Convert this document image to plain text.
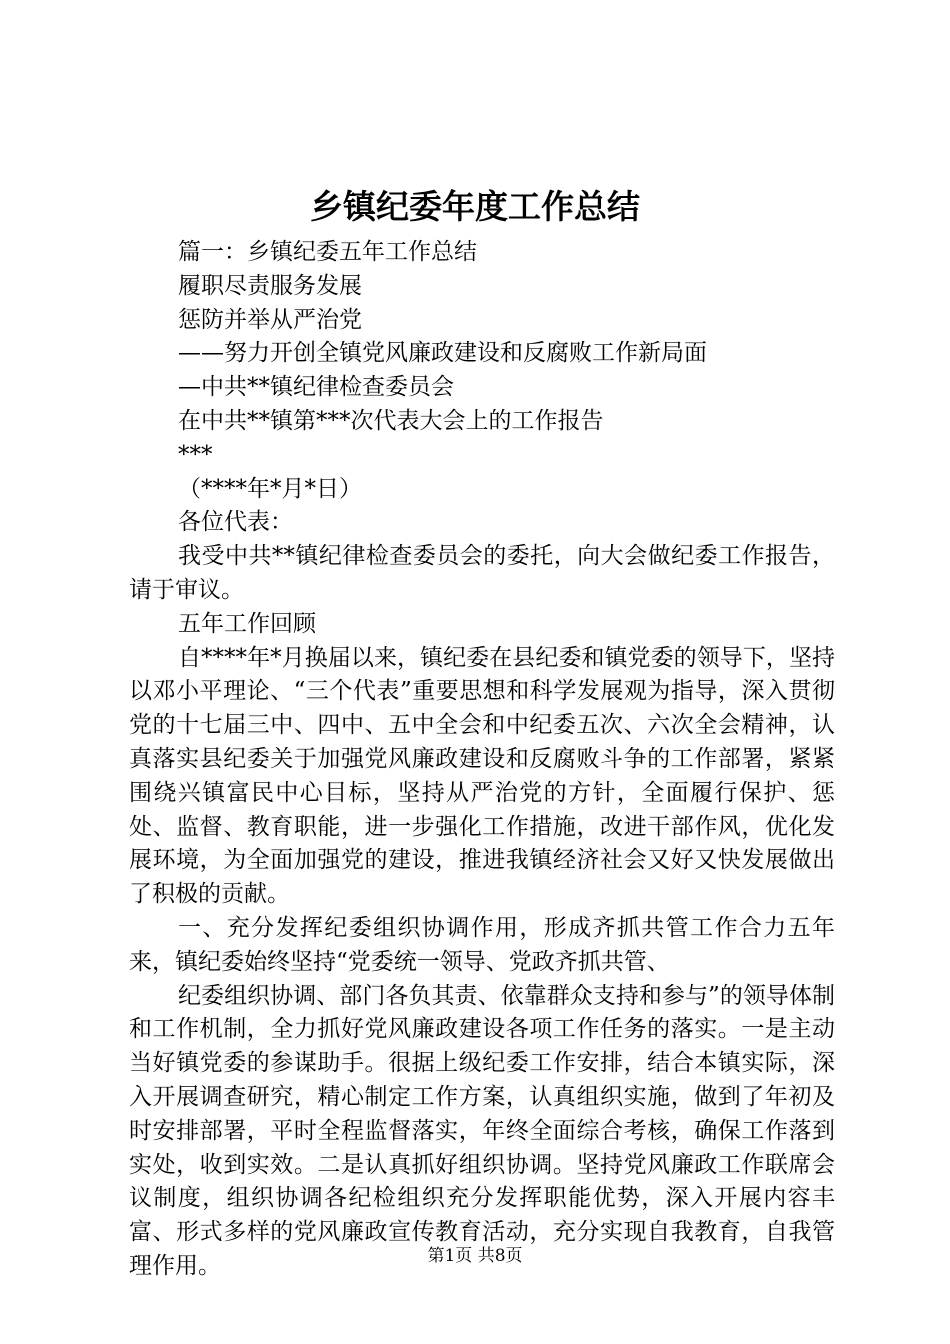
乡镇纪委年度工作总结

篇一：乡镇纪委五年工作总结

履职尽责服务发展

惩防并举从严治党

——努力开创全镇党风廉政建设和反腐败工作新局面

—中共**镇纪律检查委员会

在中共**镇第***次代表大会上的工作报告

***

（****年*月*日）

各位代表：

我受中共**镇纪律检查委员会的委托，向大会做纪委工作报告，请于审议。

五年工作回顾

自****年*月换届以来，镇纪委在县纪委和镇党委的领导下，坚持以邓小平理论、“三个代表”重要思想和科学发展观为指导，深入贯彻党的十七届三中、四中、五中全会和中纪委五次、六次全会精神，认真落实县纪委关于加强党风廉政建设和反腐败斗争的工作部署，紧紧围绕兴镇富民中心目标，坚持从严治党的方针，全面履行保护、惩处、监督、教育职能，进一步强化工作措施，改进干部作风，优化发展环境，为全面加强党的建设，推进我镇经济社会又好又快发展做出了积极的贡献。

一、充分发挥纪委组织协调作用，形成齐抓共管工作合力五年来，镇纪委始终坚持“党委统一领导、党政齐抓共管、

纪委组织协调、部门各负其责、依靠群众支持和参与”的领导体制和工作机制，全力抓好党风廉政建设各项工作任务的落实。一是主动当好镇党委的参谋助手。很据上级纪委工作安排，结合本镇实际，深入开展调查研究，精心制定工作方案，认真组织实施，做到了年初及时安排部署，平时全程监督落实，年终全面综合考核，确保工作落到实处，收到实效。二是认真抓好组织协调。坚持党风廉政工作联席会议制度，组织协调各纪检组织充分发挥职能优势，深入开展内容丰富、形式多样的党风廉政宣传教育活动，充分实现自我教育，自我管理作用。	第1页 共8页
